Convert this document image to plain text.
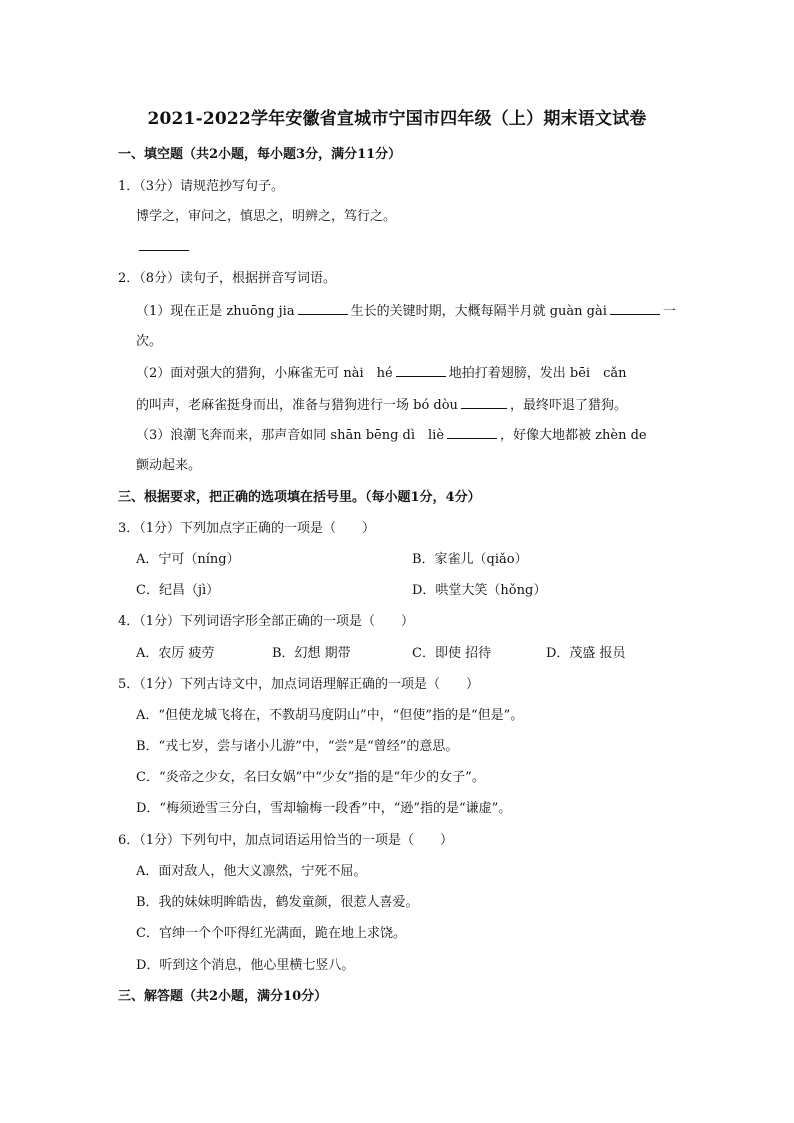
2021-2022学年安徽省宣城市宁国市四年级（上）期末语文试卷
一、填空题（共2小题，每小题3分，满分11分）
1．（3分）请规范抄写句子。
博学之，审问之，慎思之，明辨之，笃行之。
2．（8分）读句子，根据拼音写词语。
（1）现在正是 zhuōng jia	生长的关键时期，大概每隔半月就 guàn gài	一
次。
（2）面对强大的猎狗，小麻雀无可 nài　hé	地拍打着翅膀，发出 bēi　cǎn
的叫声，老麻雀挺身而出，准备与猎狗进行一场 bó dòu	，最终吓退了猎狗。
（3）浪潮飞奔而来，那声音如同 shān bēng dì　liè	，好像大地都被 zhèn de
颤动起来。
三、根据要求，把正确的选项填在括号里。（每小题1分，4分）
3．（1分）下列加点字正确的一项是（　　）
A．宁可（níng）	B．家雀儿（qiǎo）
C．纪昌（jì）	D．哄堂大笑（hǒng）
4．（1分）下列词语字形全部正确的一项是（　　）
A．农厉 疲劳	B．幻想 期带	C．即使 招待	D．茂盛 报员
5．（1分）下列古诗文中，加点词语理解正确的一项是（　　）
A．“但使龙城飞将在，不教胡马度阴山”中，“但使”指的是“但是”。
B．“戎七岁，尝与诸小儿游”中，“尝”是“曾经”的意思。
C．“炎帝之少女，名曰女娲”中“少女”指的是“年少的女子”。
D．“梅须逊雪三分白，雪却输梅一段香”中，“逊”指的是“谦虚”。
6．（1分）下列句中，加点词语运用恰当的一项是（　　）
A．面对敌人，他大义凛然，宁死不屈。
B．我的妹妹明眸皓齿，鹤发童颜，很惹人喜爱。
C．官绅一个个吓得红光满面，跪在地上求饶。
D．听到这个消息，他心里横七竖八。
三、解答题（共2小题，满分10分）
